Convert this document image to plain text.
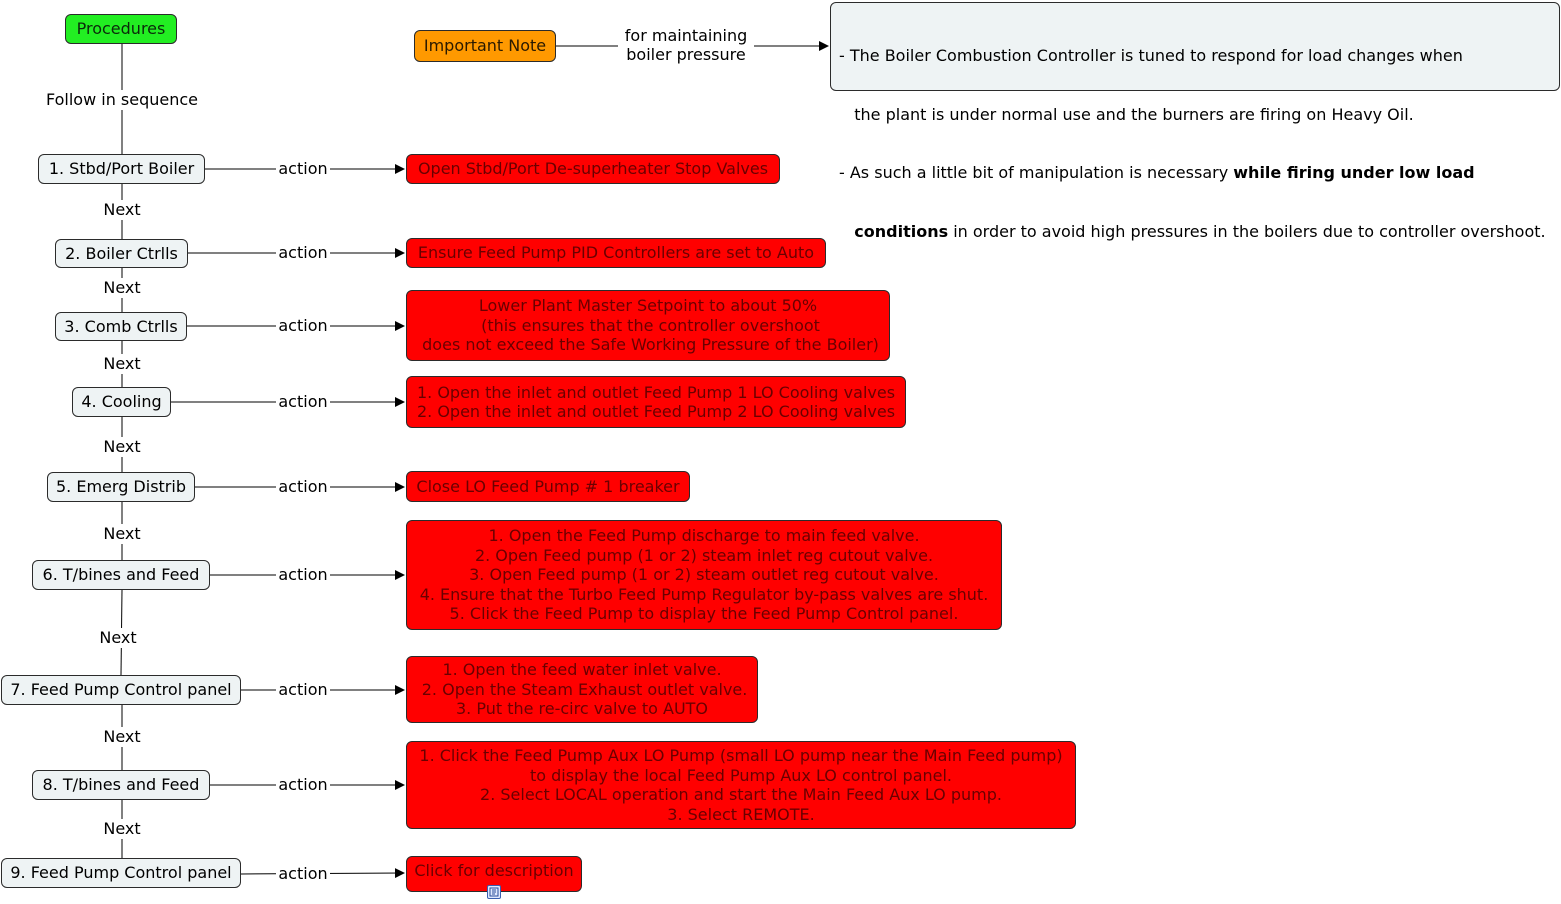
Procedures
Follow in sequence
Important Note
for maintaining
boiler pressure

	- The Boiler Combustion Controller is tuned to respond for load changes when

the plant is under normal use and the burners are firing on Heavy Oil.

- As such a little bit of manipulation is necessary while firing under low load

conditions in order to avoid high pressures in the boilers due to controller overshoot.

1. Stbd/Port Boiler
2. Boiler Ctrlls
3. Comb Ctrlls
4. Cooling
5. Emerg Distrib
6. T/bines and Feed
7. Feed Pump Control panel
8. T/bines and Feed
9. Feed Pump Control panel
Next
Next
Next
Next
Next
Next
Next
Next
action
action
action
action
action
action
action
action
action
Open Stbd/Port De-superheater Stop Valves
Ensure Feed Pump PID Controllers are set to Auto
Lower Plant Master Setpoint to about 50%
(this ensures that the controller overshoot
does not exceed the Safe Working Pressure of the Boiler)
1. Open the inlet and outlet Feed Pump 1 LO Cooling valves
2. Open the inlet and outlet Feed Pump 2 LO Cooling valves
Close LO Feed Pump # 1 breaker
1. Open the Feed Pump discharge to main feed valve.
2. Open Feed pump (1 or 2) steam inlet reg cutout valve.
3. Open Feed pump (1 or 2) steam outlet reg cutout valve.
4. Ensure that the Turbo Feed Pump Regulator by-pass valves are shut.
5. Click the Feed Pump to display the Feed Pump Control panel.
1. Open the feed water inlet valve.
2. Open the Steam Exhaust outlet valve.
3. Put the re-circ valve to AUTO
1. Click the Feed Pump Aux LO Pump (small LO pump near the Main Feed pump)
to display the local Feed Pump Aux LO control panel.
2. Select LOCAL operation and start the Main Feed Aux LO pump.
3. Select REMOTE.
Click for description
